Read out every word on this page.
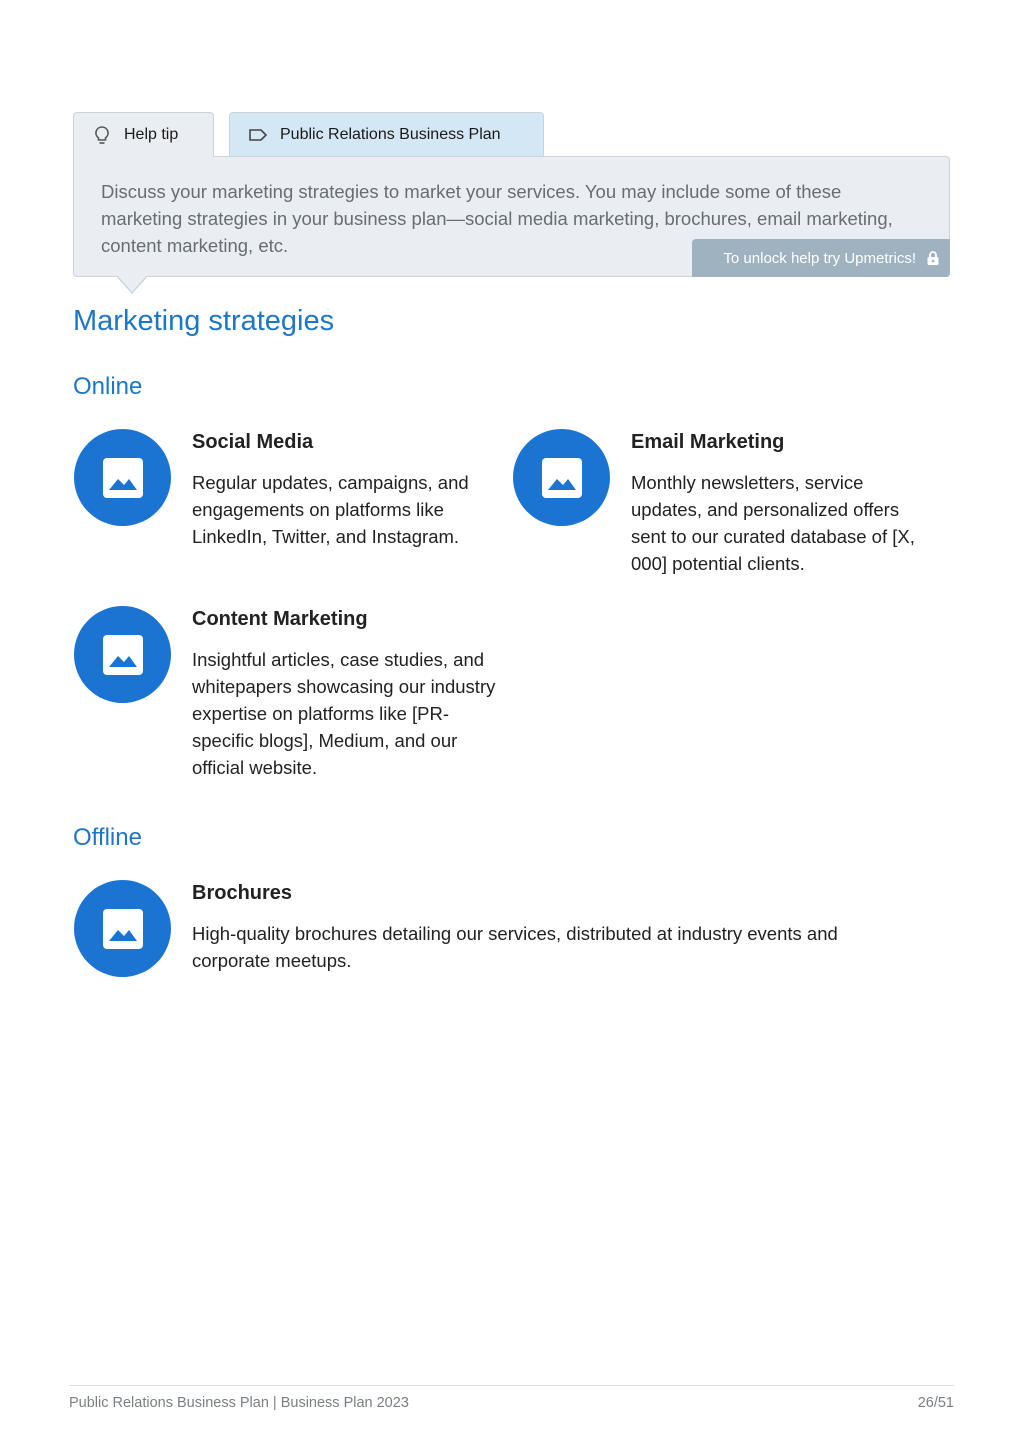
Help tip	Public Relations Business Plan
Discuss your marketing strategies to market your services. You may include some of these marketing strategies in your business plan—social media marketing, brochures, email marketing, content marketing, etc.
To unlock help try Upmetrics!
Marketing strategies
Online
Social Media
Regular updates, campaigns, and engagements on platforms like LinkedIn, Twitter, and Instagram.
Email Marketing
Monthly newsletters, service updates, and personalized offers sent to our curated database of [X, 000] potential clients.
Content Marketing
Insightful articles, case studies, and whitepapers showcasing our industry expertise on platforms like [PR-specific blogs], Medium, and our official website.
Offline
Brochures
High-quality brochures detailing our services, distributed at industry events and corporate meetups.
Public Relations Business Plan | Business Plan 2023	26/51
